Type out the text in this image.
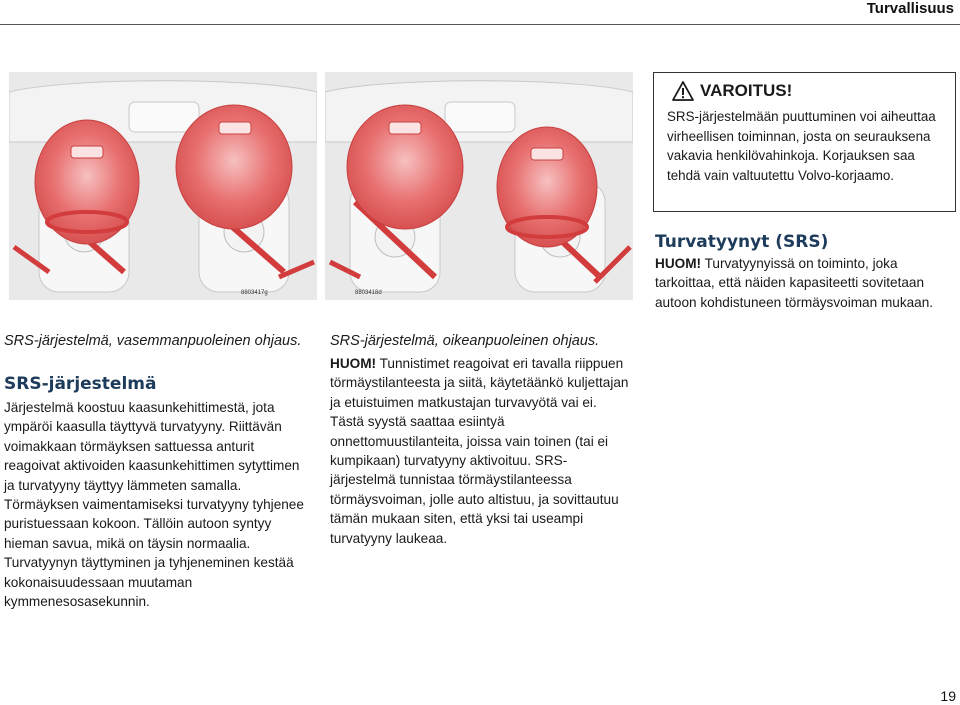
Turvallisuus
8803417g	8803418d
VAROITUS!
SRS-järjestelmään puuttuminen voi aiheuttaa virheellisen toiminnan, josta on seurauksena vakavia henkilövahinkoja. Korjauksen saa tehdä vain valtuutettu Volvo-korjaamo.
SRS-järjestelmä, vasemmanpuoleinen ohjaus.
SRS-järjestelmä
Järjestelmä koostuu kaasunkehittimestä, jota ympäröi kaasulla täyttyvä turvatyyny. Riittävän voimakkaan törmäyksen sattuessa anturit reagoivat aktivoiden kaasunkehittimen sytyttimen ja turvatyyny täyttyy lämmeten samalla. Törmäyksen vaimentamiseksi turvatyyny tyhjenee puristuessaan kokoon. Tällöin autoon syntyy hieman savua, mikä on täysin normaalia. Turvatyynyn täyttyminen ja tyhjeneminen kestää kokonaisuudessaan muutaman kymmenesosasekunnin.
SRS-järjestelmä, oikeanpuoleinen ohjaus.
HUOM! Tunnistimet reagoivat eri tavalla riippuen törmäystilanteesta ja siitä, käytetäänkö kuljettajan ja etuistuimen matkustajan turvavyötä vai ei. Tästä syystä saattaa esiintyä onnettomuustilanteita, joissa vain toinen (tai ei kumpikaan) turvatyyny aktivoituu. SRS-järjestelmä tunnistaa törmäystilanteessa törmäysvoiman, jolle auto altistuu, ja sovittautuu tämän mukaan siten, että yksi tai useampi turvatyyny laukeaa.
Turvatyynyt (SRS)
HUOM! Turvatyynyissä on toiminto, joka tarkoittaa, että näiden kapasiteetti sovitetaan autoon kohdistuneen törmäysvoiman mukaan.
19
